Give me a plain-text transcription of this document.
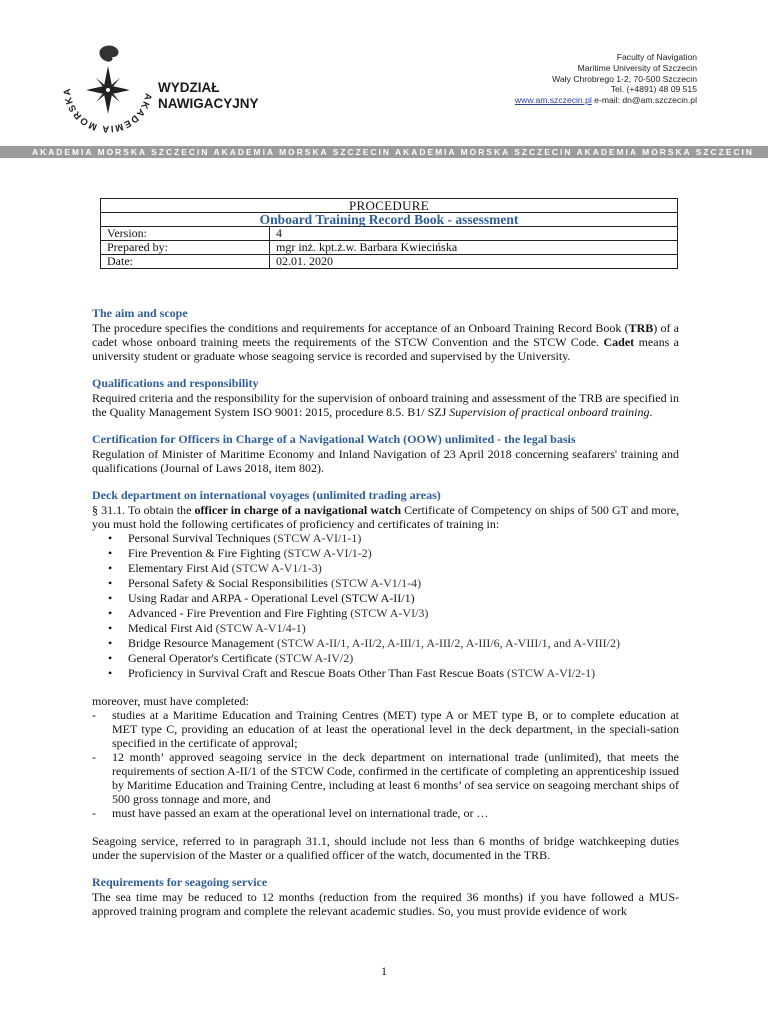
AKADEMIA MORSKA	WYDZIAŁ
NAWIGACYJNY
Faculty of Navigation
Maritime University of Szczecin
Wały Chrobrego 1-2, 70-500 Szczecin
Tel. (+4891) 48 09 515
www.am.szczecin.pl e-mail: dn@am.szczecin.pl
AKADEMIA MORSKA SZCZECIN AKADEMIA MORSKA SZCZECIN AKADEMIA MORSKA SZCZECIN AKADEMIA MORSKA SZCZECIN
PROCEDURE	
Onboard Training Record Book - assessment	
Version:	4
Prepared by:	mgr inż. kpt.ż.w. Barbara Kwiecińska
Date:	02.01. 2020
The aim and scope

The procedure specifies the conditions and requirements for acceptance of an Onboard Training Record Book (TRB) of a cadet whose onboard training meets the requirements of the STCW Convention and the STCW Code. Cadet means a university student or graduate whose seagoing service is recorded and supervised by the University.

Qualifications and responsibility

Required criteria and the responsibility for the supervision of onboard training and assessment of the TRB are specified in the Quality Management System ISO 9001: 2015, procedure 8.5. B1/ SZJ Supervision of practical onboard training.

Certification for Officers in Charge of a Navigational Watch (OOW) unlimited - the legal basis

Regulation of Minister of Maritime Economy and Inland Navigation of 23 April 2018 concerning seafarers' training and qualifications (Journal of Laws 2018, item 802).

Deck department on international voyages (unlimited trading areas)

§ 31.1. To obtain the officer in charge of a navigational watch Certificate of Competency on ships of 500 GT and more, you must hold the following certificates of proficiency and certificates of training in:

• Personal Survival Techniques (STCW A-VI/1-1)
• Fire Prevention & Fire Fighting (STCW A-VI/1-2)
• Elementary First Aid (STCW A-V1/1-3)
• Personal Safety & Social Responsibilities (STCW A-V1/1-4)
• Using Radar and ARPA - Operational Level (STCW A-II/1)
• Advanced - Fire Prevention and Fire Fighting (STCW A-VI/3)
• Medical First Aid (STCW A-V1/4-1)
• Bridge Resource Management (STCW A-II/1, A-II/2, A-III/1, A-III/2, A-III/6, A-VIII/1, and A-VIII/2)
• General Operator's Certificate (STCW A-IV/2)
• Proficiency in Survival Craft and Rescue Boats Other Than Fast Rescue Boats (STCW A-VI/2-1)

moreover, must have completed:

- studies at a Maritime Education and Training Centres (MET) type A or MET type B, or to complete education at MET type C, providing an education of at least the operational level in the deck department, in the speciali-sation specified in the certificate of approval;
- 12 month’ approved seagoing service in the deck department on international trade (unlimited), that meets the requirements of section A-II/1 of the STCW Code, confirmed in the certificate of completing an apprenticeship issued by Maritime Education and Training Centre, including at least 6 months’ of sea service on seagoing merchant ships of 500 gross tonnage and more, and
- must have passed an exam at the operational level on international trade, or …

Seagoing service, referred to in paragraph 31.1, should include not less than 6 months of bridge watchkeeping duties under the supervision of the Master or a qualified officer of the watch, documented in the TRB.

Requirements for seagoing service

The sea time may be reduced to 12 months (reduction from the required 36 months) if you have followed a MUS-approved training program and complete the relevant academic studies. So, you must provide evidence of work

1
